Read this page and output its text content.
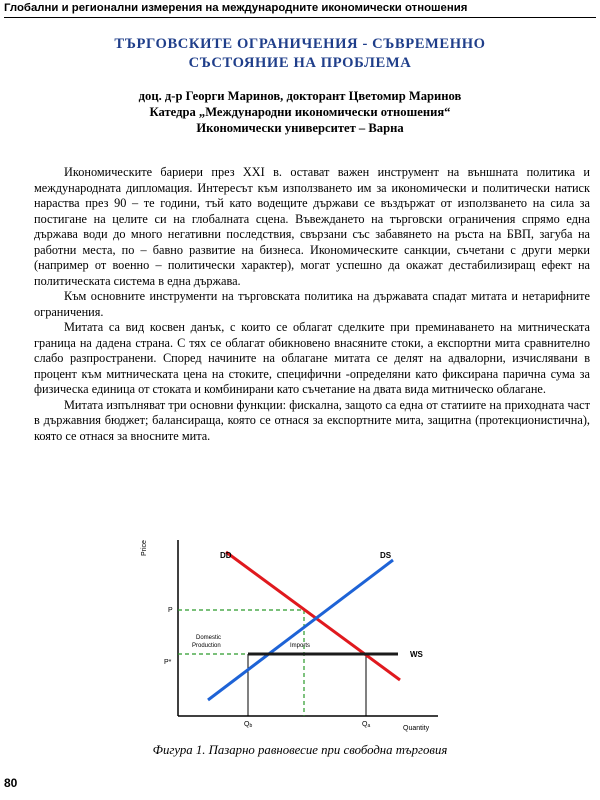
Глобални и регионални измерения на международните икономически отношения
ТЪРГОВСКИТЕ ОГРАНИЧЕНИЯ - СЪВРЕМЕННО
СЪСТОЯНИЕ НА ПРОБЛЕМА
доц. д-р Георги Маринов, докторант Цветомир Маринов
Катедра „Международни икономически отношения“
Икономически университет – Варна

Икономическите бариери през XXI в. остават важен инструмент на външната политика и международната дипломация. Интересът към използването им за икономически и политически натиск нараства през 90 – те години, тъй като водещите държави се въздържат от използването на сила за постигане на целите си на глобалната сцена. Въвеждането на търговски ограничения спрямо една държава води до много негативни последствия, свързани със забавянето на ръста на БВП, загуба на работни места, по – бавно развитие на бизнеса. Икономическите санкции, съчетани с други мерки (например от военно – политически характер), могат успешно да окажат дестабилизиращ ефект на политическата система в една държава.

Към основните инструменти на търговската политика на държавата спадат митата и нетарифните ограничения.

Митата са вид косвен данък, с които се облагат сделките при преминаването на митническата граница на дадена страна. С тях се облагат обикновено внасяните стоки, а експортни мита сравнително слабо разпространени. Според начините на облагане митата се делят на адвалорни, изчислявани в процент към митническата цена на стоките, специфични -определяни като фиксирана парична сума за физическа единица от стоката и комбинирани като съчетание на двата вида митническо облагане.

Митата изпълняват три основни функции: фискална, защото са една от статиите на приходната част в държавния бюджет; балансираща, която се отнася за експортните мита, защитна (протекционистична), която се отнася за вносните мита.

Price
Quantity
DD	DS
WS
P
P*
Qb	Qa
Domestic
Production	Imports
Фигура 1. Пазарно равновесие при свободна търговия
80
